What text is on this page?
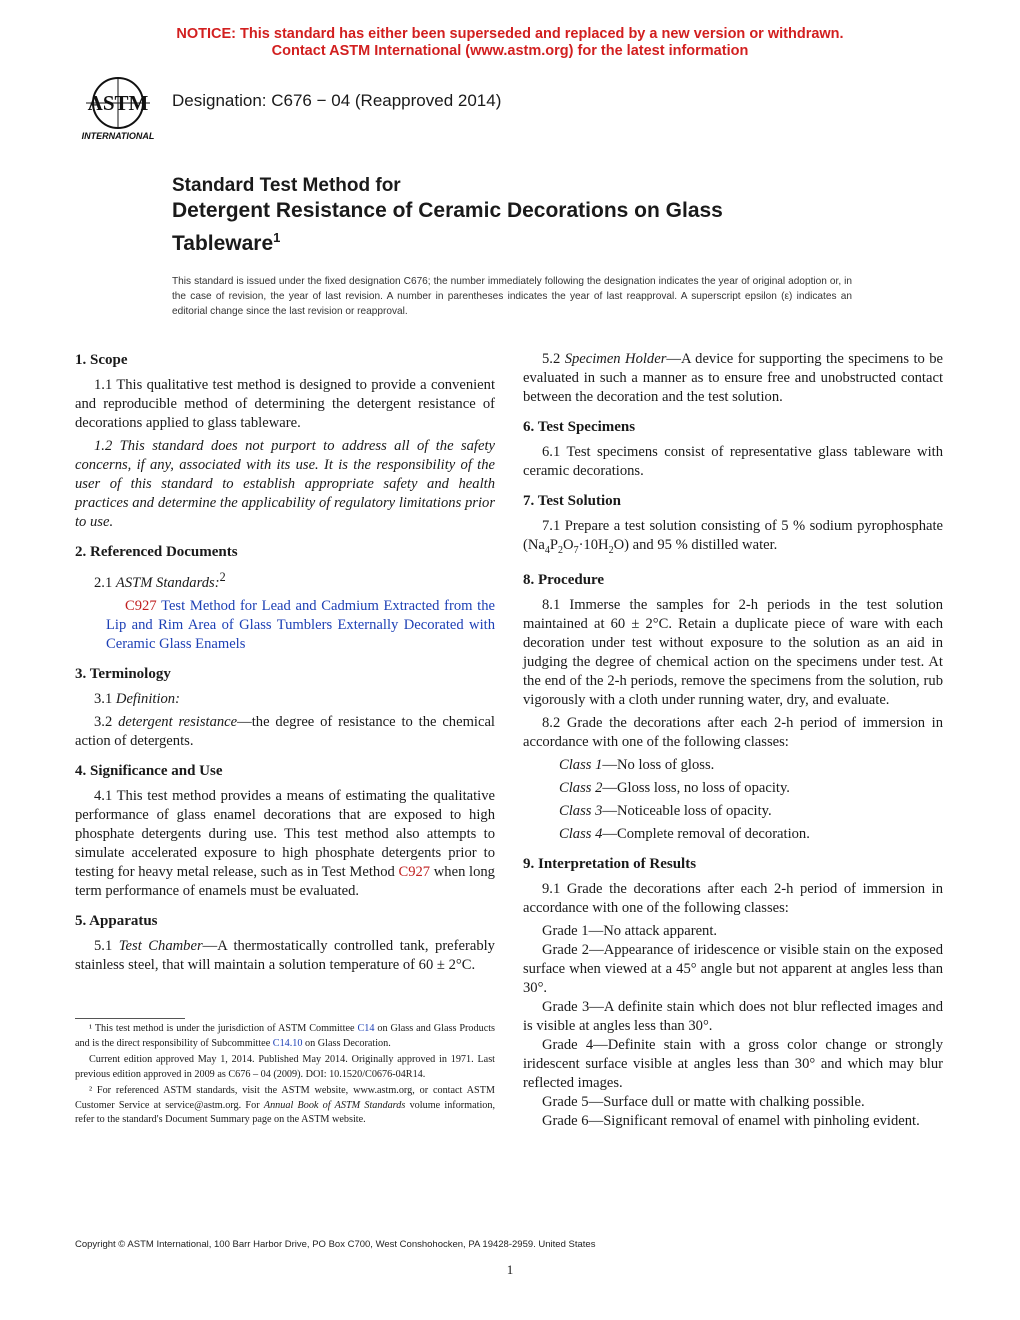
NOTICE: This standard has either been superseded and replaced by a new version or withdrawn.
Contact ASTM International (www.astm.org) for the latest information
ASTM
INTERNATIONAL
Designation: C676 − 04 (Reapproved 2014)
Standard Test Method for
Detergent Resistance of Ceramic Decorations on Glass
Tableware$^1$
This standard is issued under the fixed designation C676; the number immediately following the designation indicates the year of original adoption or, in the case of revision, the year of last revision. A number in parentheses indicates the year of last reapproval. A superscript epsilon (ε) indicates an editorial change since the last revision or reapproval.
1. Scope

1.1 This qualitative test method is designed to provide a convenient and reproducible method of determining the detergent resistance of decorations applied to glass tableware.

1.2 This standard does not purport to address all of the safety concerns, if any, associated with its use. It is the responsibility of the user of this standard to establish appropriate safety and health practices and determine the applicability of regulatory limitations prior to use.

2. Referenced Documents

2.1 ASTM Standards:$^2$

C927 Test Method for Lead and Cadmium Extracted from the Lip and Rim Area of Glass Tumblers Externally Decorated with Ceramic Glass Enamels

3. Terminology

3.1 Definition:

3.2 detergent resistance—the degree of resistance to the chemical action of detergents.

4. Significance and Use

4.1 This test method provides a means of estimating the qualitative performance of glass enamel decorations that are exposed to high phosphate detergents during use. This test method also attempts to simulate accelerated exposure to high phosphate detergents prior to testing for heavy metal release, such as in Test Method C927 when long term performance of enamels must be evaluated.

5. Apparatus

5.1 Test Chamber—A thermostatically controlled tank, preferably stainless steel, that will maintain a solution temperature of 60 ± 2°C.

5.2 Specimen Holder—A device for supporting the specimens to be evaluated in such a manner as to ensure free and unobstructed contact between the decoration and the test solution.

6. Test Specimens

6.1 Test specimens consist of representative glass tableware with ceramic decorations.

7. Test Solution

7.1 Prepare a test solution consisting of 5 % sodium pyrophosphate $(Na_4P_2O_7\cdot 10H_2O)$ and 95 % distilled water.

8. Procedure

8.1 Immerse the samples for 2-h periods in the test solution maintained at 60 ± 2°C. Retain a duplicate piece of ware with each decoration under test without exposure to the solution as an aid in judging the degree of chemical action on the specimens under test. At the end of the 2-h periods, remove the specimens from the solution, rub vigorously with a cloth under running water, dry, and evaluate.

8.2 Grade the decorations after each 2-h period of immersion in accordance with one of the following classes:

Class 1—No loss of gloss.

Class 2—Gloss loss, no loss of opacity.

Class 3—Noticeable loss of opacity.

Class 4—Complete removal of decoration.

9. Interpretation of Results

9.1 Grade the decorations after each 2-h period of immersion in accordance with one of the following classes:

Grade 1—No attack apparent.

Grade 2—Appearance of iridescence or visible stain on the exposed surface when viewed at a 45° angle but not apparent at angles less than 30°.

Grade 3—A definite stain which does not blur reflected images and is visible at angles less than 30°.

Grade 4—Definite stain with a gross color change or strongly iridescent surface visible at angles less than 30° and which may blur reflected images.

Grade 5—Surface dull or matte with chalking possible.

Grade 6—Significant removal of enamel with pinholing evident.

¹ This test method is under the jurisdiction of ASTM Committee C14 on Glass and Glass Products and is the direct responsibility of Subcommittee C14.10 on Glass Decoration.

Current edition approved May 1, 2014. Published May 2014. Originally approved in 1971. Last previous edition approved in 2009 as C676 – 04 (2009). DOI: 10.1520/C0676-04R14.

² For referenced ASTM standards, visit the ASTM website, www.astm.org, or contact ASTM Customer Service at service@astm.org. For Annual Book of ASTM Standards volume information, refer to the standard's Document Summary page on the ASTM website.

Copyright © ASTM International, 100 Barr Harbor Drive, PO Box C700, West Conshohocken, PA 19428-2959. United States
1
